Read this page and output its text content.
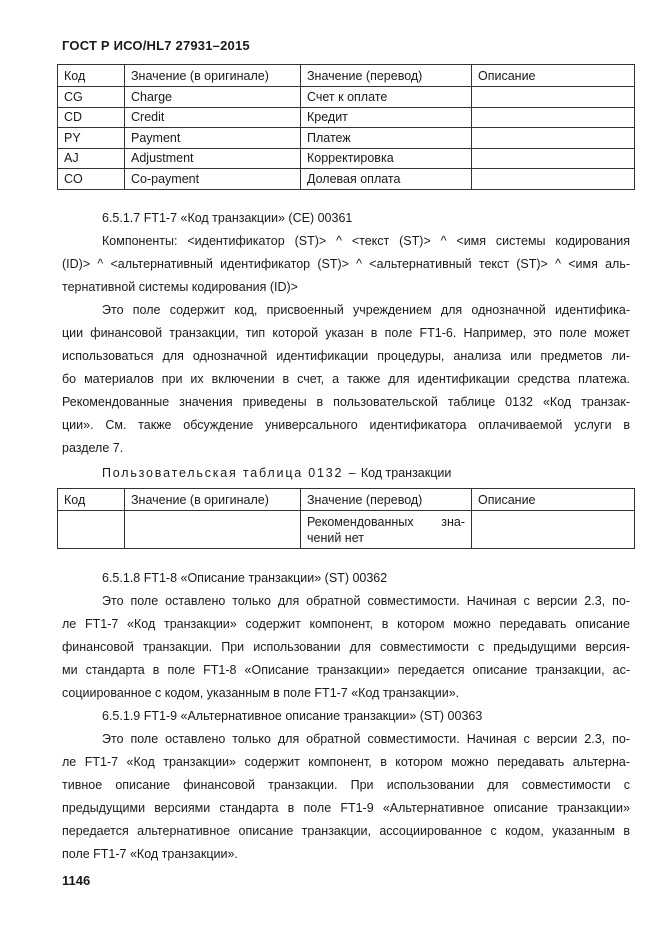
ГОСТ Р ИСО/HL7 27931–2015
Код	Значение (в оригинале)	Значение (перевод)	Описание
CG	Charge	Счет к оплате	
CD	Credit	Кредит	
PY	Payment	Платеж	
AJ	Adjustment	Корректировка	
CO	Co-payment	Долевая оплата	

6.5.1.7 FT1-7 «Код транзакции» (CE) 00361

Компоненты: <идентификатор (ST)> ^ <текст (ST)> ^ <имя системы кодирования

(ID)> ^ <альтернативный идентификатор (ST)> ^ <альтернативный текст (ST)> ^ <имя аль-
тернативной системы кодирования (ID)>

Это поле содержит код, присвоенный учреждением для однозначной идентифика-

ции финансовой транзакции, тип которой указан в поле FT1-6. Например, это поле может
использоваться для однозначной идентификации процедуры, анализа или предметов ли-
бо материалов при их включении в счет, а также для идентификации средства платежа.
Рекомендованные значения приведены в пользовательской таблице 0132 «Код транзак-
ции». См. также обсуждение универсального идентификатора оплачиваемой услуги в
разделе 7.
Пользовательская таблица 0132 – Код транзакции
Код	Значение (в оригинале)	Значение (перевод)	Описание

		Рекомендованных зна-
чений нет	

6.5.1.8 FT1-8 «Описание транзакции» (ST) 00362

Это поле оставлено только для обратной совместимости. Начиная с версии 2.3, по-

ле FT1-7 «Код транзакции» содержит компонент, в котором можно передавать описание
финансовой транзакции. При использовании для совместимости с предыдущими версия-
ми стандарта в поле FT1-8 «Описание транзакции» передается описание транзакции, ас-
социированное с кодом, указанным в поле FT1-7 «Код транзакции».

6.5.1.9 FT1-9 «Альтернативное описание транзакции» (ST) 00363

Это поле оставлено только для обратной совместимости. Начиная с версии 2.3, по-

ле FT1-7 «Код транзакции» содержит компонент, в котором можно передавать альтерна-
тивное описание финансовой транзакции. При использовании для совместимости с
предыдущими версиями стандарта в поле FT1-9 «Альтернативное описание транзакции»
передается альтернативное описание транзакции, ассоциированное с кодом, указанным в
поле FT1-7 «Код транзакции».
1146
